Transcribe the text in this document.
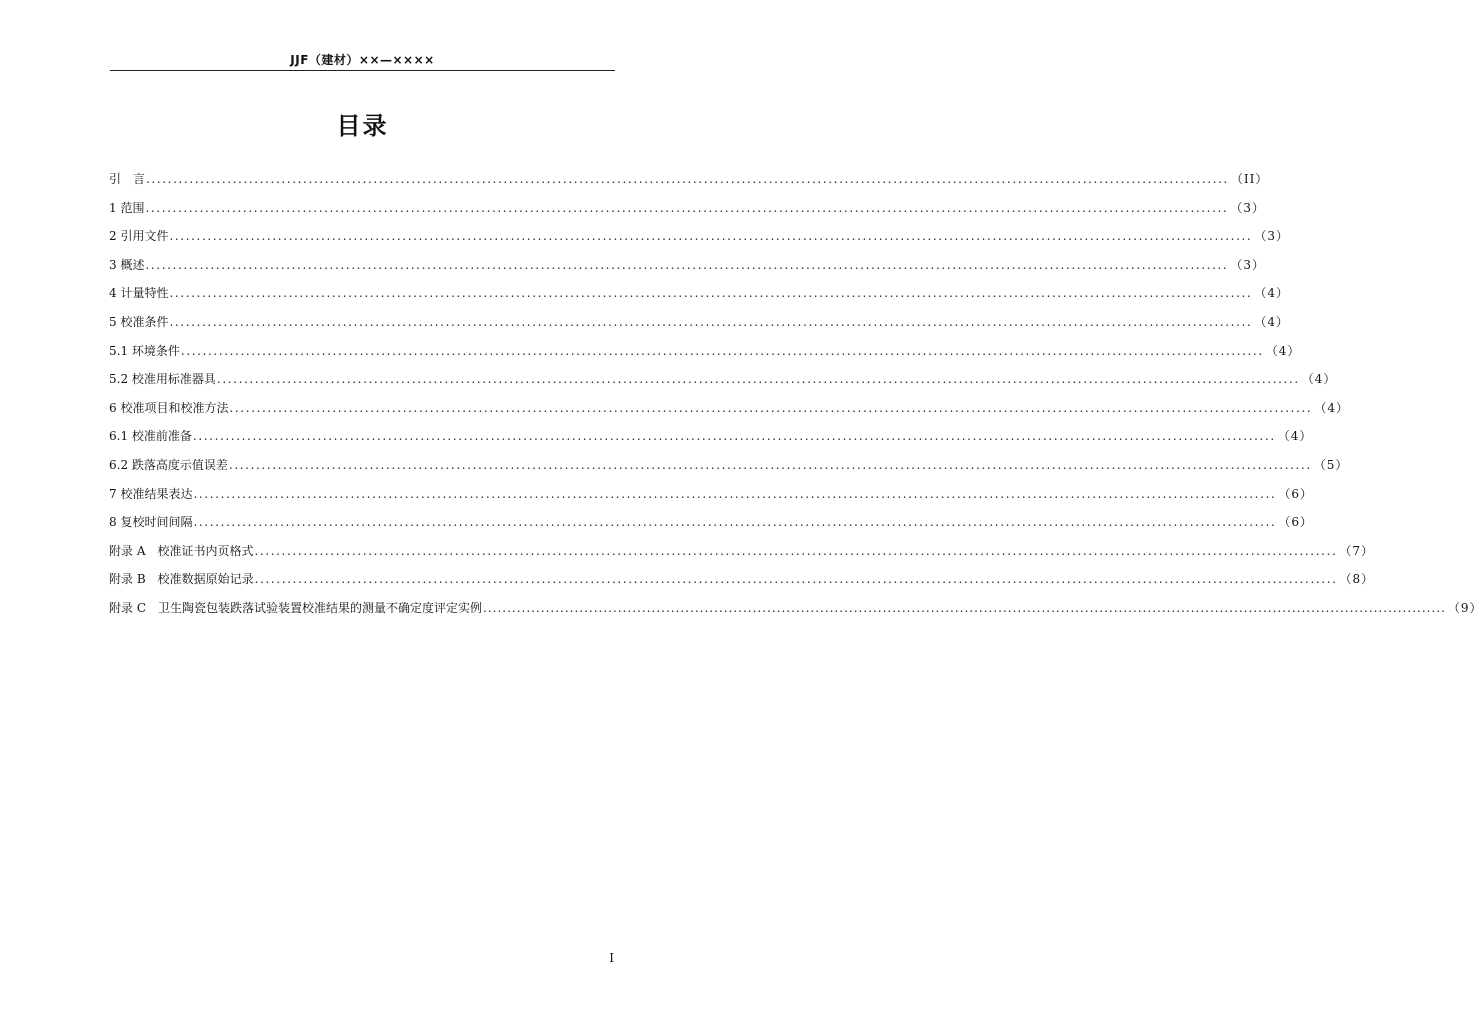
JJF（建材）××—××××
目录
引　言 ........................................................................................................................................................................................................ （II）
1 范围 ........................................................................................................................................................................................................ （3）
2 引用文件 ........................................................................................................................................................................................................ （3）
3 概述 ........................................................................................................................................................................................................ （3）
4 计量特性 ........................................................................................................................................................................................................ （4）
5 校准条件 ........................................................................................................................................................................................................ （4）
5.1 环境条件 ........................................................................................................................................................................................................ （4）
5.2 校准用标准器具 ........................................................................................................................................................................................................ （4）
6 校准项目和校准方法 ........................................................................................................................................................................................................ （4）
6.1 校准前准备 ........................................................................................................................................................................................................ （4）
6.2 跌落高度示值误差 ........................................................................................................................................................................................................ （5）
7 校准结果表达 ........................................................................................................................................................................................................ （6）
8 复校时间间隔 ........................................................................................................................................................................................................ （6）
附录 A　校准证书内页格式 ........................................................................................................................................................................................................ （7）
附录 B　校准数据原始记录 ........................................................................................................................................................................................................ （8）
附录 C　卫生陶瓷包装跌落试验装置校准结果的测量不确定度评定实例 ........................................................................................................................................................................................................ （9）
I
